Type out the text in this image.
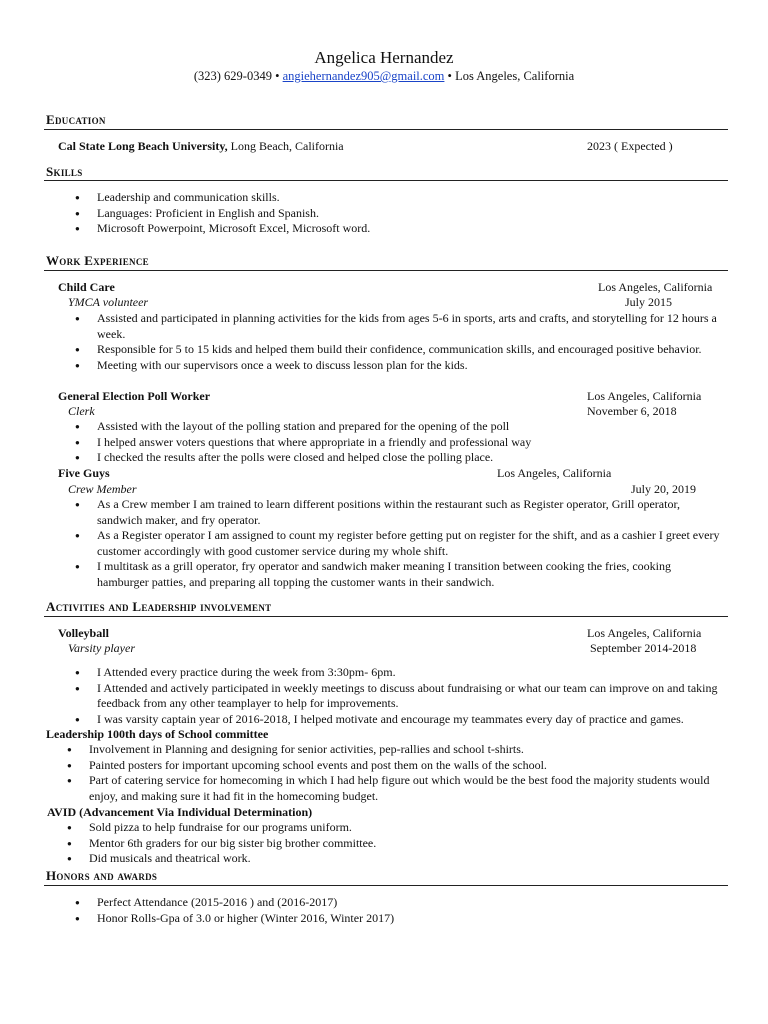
Angelica Hernandez
(323) 629-0349 • angiehernandez905@gmail.com • Los Angeles, California
Education
Cal State Long Beach University, Long Beach, California	2023 ( Expected )
Skills
● Leadership and communication skills.
● Languages: Proficient in English and Spanish.
● Microsoft Powerpoint, Microsoft Excel, Microsoft word.
Work Experience
Child Care	Los Angeles, California
YMCA volunteer	July 2015
● Assisted and participated in planning activities for the kids from ages 5-6 in sports, arts and crafts, and storytelling for 12 hours a week.
● Responsible for 5 to 15 kids and helped them build their confidence, communication skills, and encouraged positive behavior.
● Meeting with our supervisors once a week to discuss lesson plan for the kids.
General Election Poll Worker	Los Angeles, California
Clerk	November 6, 2018
● Assisted with the layout of the polling station and prepared for the opening of the poll
● I helped answer voters questions that where appropriate in a friendly and professional way
● I checked the results after the polls were closed and helped close the polling place.
Five Guys	Los Angeles, California
Crew Member	July 20, 2019
● As a Crew member I am trained to learn different positions within the restaurant such as Register operator, Grill operator, sandwich maker, and fry operator.
● As a Register operator I am assigned to count my register before getting put on register for the shift, and as a cashier I greet every customer accordingly with good customer service during my whole shift.
● I multitask as a grill operator, fry operator and sandwich maker meaning I transition between cooking the fries, cooking hamburger patties, and preparing all topping the customer wants in their sandwich.
Activities and Leadership involvement
Volleyball	Los Angeles, California
Varsity player	September 2014-2018
● I Attended every practice during the week from 3:30pm- 6pm.
● I Attended and actively participated in weekly meetings to discuss about fundraising or what our team can improve on and taking feedback from any other teamplayer to help for improvements.
● I was varsity captain year of 2016-2018, I helped motivate and encourage my teammates every day of practice and games.
Leadership 100th days of School committee
● Involvement in Planning and designing for senior activities, pep-rallies and school t-shirts.
● Painted posters for important upcoming school events and post them on the walls of the school.
● Part of catering service for homecoming in which I had help figure out which would be the best food the majority students would enjoy, and making sure it had fit in the homecoming budget.
AVID (Advancement Via Individual Determination)
● Sold pizza to help fundraise for our programs uniform.
● Mentor 6th graders for our big sister big brother committee.
● Did musicals and theatrical work.
Honors and awards
● Perfect Attendance (2015-2016 ) and (2016-2017)
● Honor Rolls-Gpa of 3.0 or higher (Winter 2016, Winter 2017)
